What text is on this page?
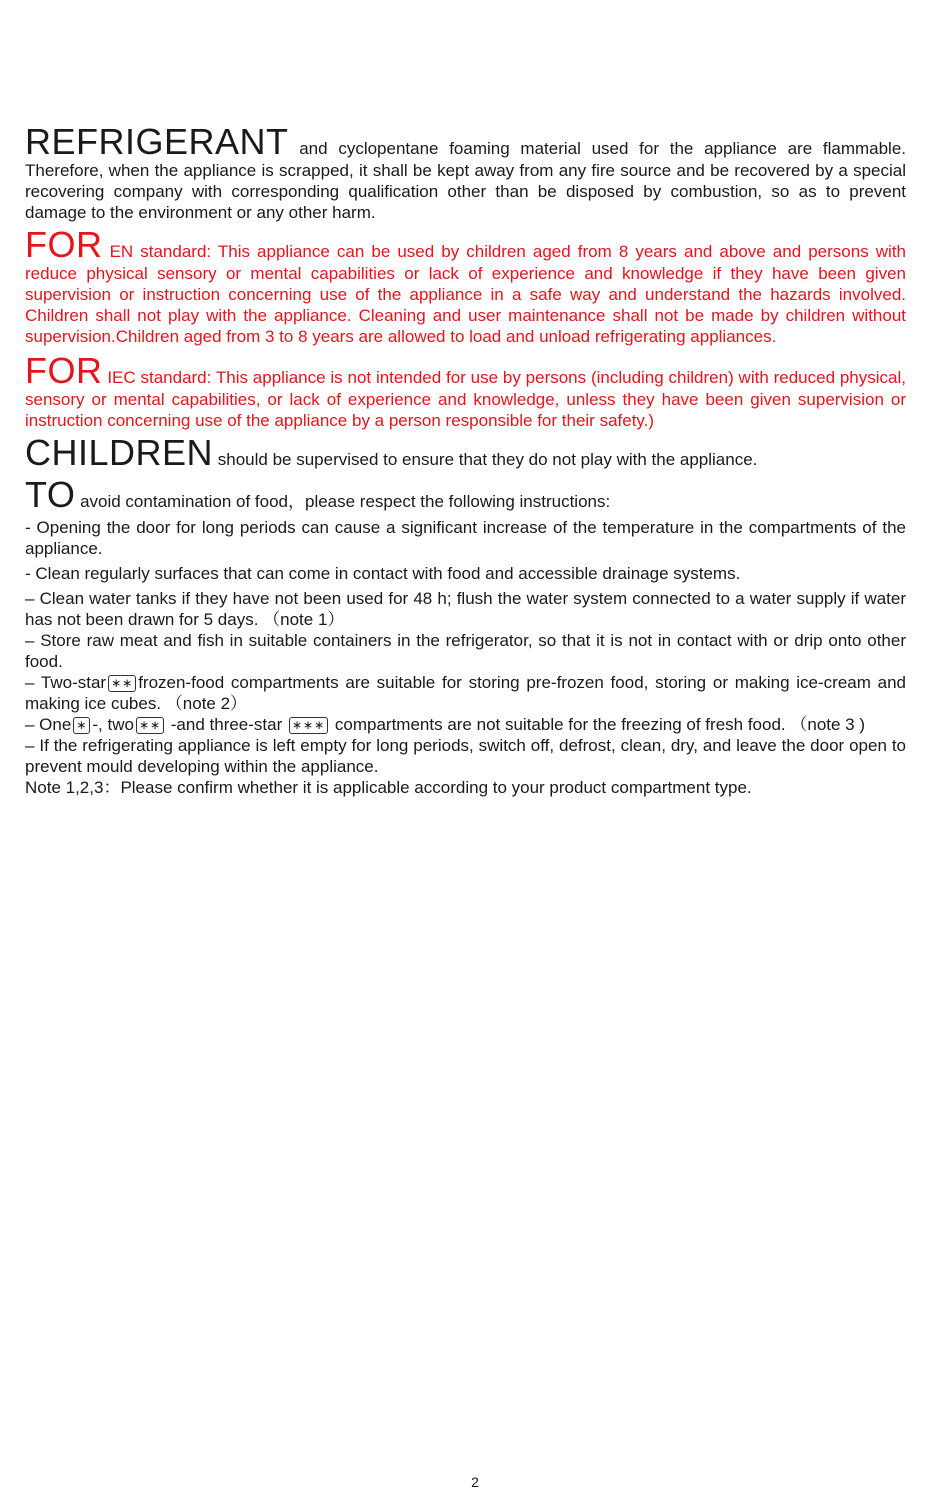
REFRIGERANT and cyclopentane foaming material used for the appliance are flammable. Therefore, when the appliance is scrapped, it shall be kept away from any fire source and be recovered by a special recovering company with corresponding qualification other than be disposed by combustion, so as to prevent damage to the environment or any other harm.

FOR EN standard: This appliance can be used by children aged from 8 years and above and persons with reduce physical sensory or mental capabilities or lack of experience and knowledge if they have been given supervision or instruction concerning use of the appliance in a safe way and understand the hazards involved. Children shall not play with the appliance. Cleaning and user maintenance shall not be made by children without supervision.Children aged from 3 to 8 years are allowed to load and unload refrigerating appliances.

FOR IEC standard: This appliance is not intended for use by persons (including children) with reduced physical, sensory or mental capabilities, or lack of experience and knowledge, unless they have been given supervision or instruction concerning use of the appliance by a person responsible for their safety.)

CHILDREN should be supervised to ensure that they do not play with the appliance.

TO avoid contamination of food，please respect the following instructions:

- Opening the door for long periods can cause a significant increase of the temperature in the compartments of the appliance.

- Clean regularly surfaces that can come in contact with food and accessible drainage systems.

– Clean water tanks if they have not been used for 48 h; flush the water system connected to a water supply if water has not been drawn for 5 days. （note 1）

– Store raw meat and fish in suitable containers in the refrigerator, so that it is not in contact with or drip onto other food.

– Two-star ∗∗ frozen-food compartments are suitable for storing pre-frozen food, storing or making ice-cream and making ice cubes. （note 2）

– One ∗ -, two ∗∗ -and three-star ∗∗∗ compartments are not suitable for the freezing of fresh food. （note 3 )

– If the refrigerating appliance is left empty for long periods, switch off, defrost, clean, dry, and leave the door open to prevent mould developing within the appliance.

Note 1,2,3：Please confirm whether it is applicable according to your product compartment type.

2
